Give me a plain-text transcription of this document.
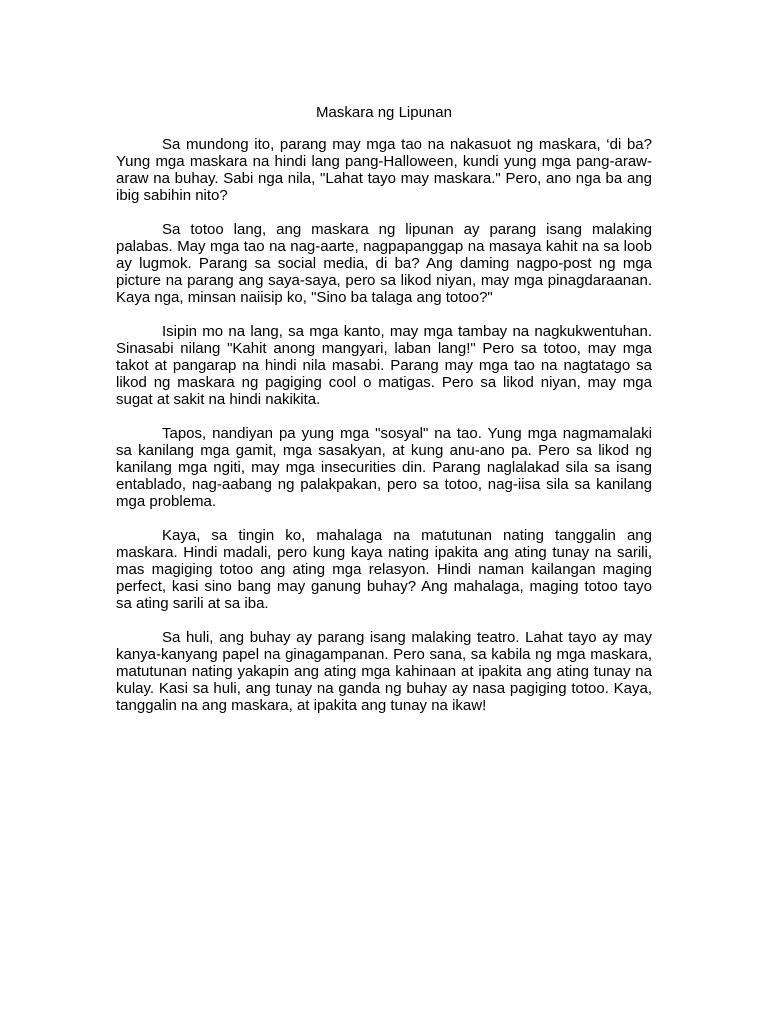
Maskara ng Lipunan

Sa mundong ito, parang may mga tao na nakasuot ng maskara, ‘di ba? Yung mga maskara na hindi lang pang-Halloween, kundi yung mga pang-araw-araw na buhay. Sabi nga nila, "Lahat tayo may maskara." Pero, ano nga ba ang ibig sabihin nito?

Sa totoo lang, ang maskara ng lipunan ay parang isang malaking palabas. May mga tao na nag-aarte, nagpapanggap na masaya kahit na sa loob ay lugmok. Parang sa social media, di ba? Ang daming nagpo-post ng mga picture na parang ang saya-saya, pero sa likod niyan, may mga pinagdaraanan. Kaya nga, minsan naiisip ko, "Sino ba talaga ang totoo?"

Isipin mo na lang, sa mga kanto, may mga tambay na nagkukwentuhan. Sinasabi nilang "Kahit anong mangyari, laban lang!" Pero sa totoo, may mga takot at pangarap na hindi nila masabi. Parang may mga tao na nagtatago sa likod ng maskara ng pagiging cool o matigas. Pero sa likod niyan, may mga sugat at sakit na hindi nakikita.

Tapos, nandiyan pa yung mga "sosyal" na tao. Yung mga nagmamalaki sa kanilang mga gamit, mga sasakyan, at kung anu-ano pa. Pero sa likod ng kanilang mga ngiti, may mga insecurities din. Parang naglalakad sila sa isang entablado, nag-aabang ng palakpakan, pero sa totoo, nag-iisa sila sa kanilang mga problema.

Kaya, sa tingin ko, mahalaga na matutunan nating tanggalin ang maskara. Hindi madali, pero kung kaya nating ipakita ang ating tunay na sarili, mas magiging totoo ang ating mga relasyon. Hindi naman kailangan maging perfect, kasi sino bang may ganung buhay? Ang mahalaga, maging totoo tayo sa ating sarili at sa iba.

Sa huli, ang buhay ay parang isang malaking teatro. Lahat tayo ay may kanya-kanyang papel na ginagampanan. Pero sana, sa kabila ng mga maskara, matutunan nating yakapin ang ating mga kahinaan at ipakita ang ating tunay na kulay. Kasi sa huli, ang tunay na ganda ng buhay ay nasa pagiging totoo. Kaya, tanggalin na ang maskara, at ipakita ang tunay na ikaw!
